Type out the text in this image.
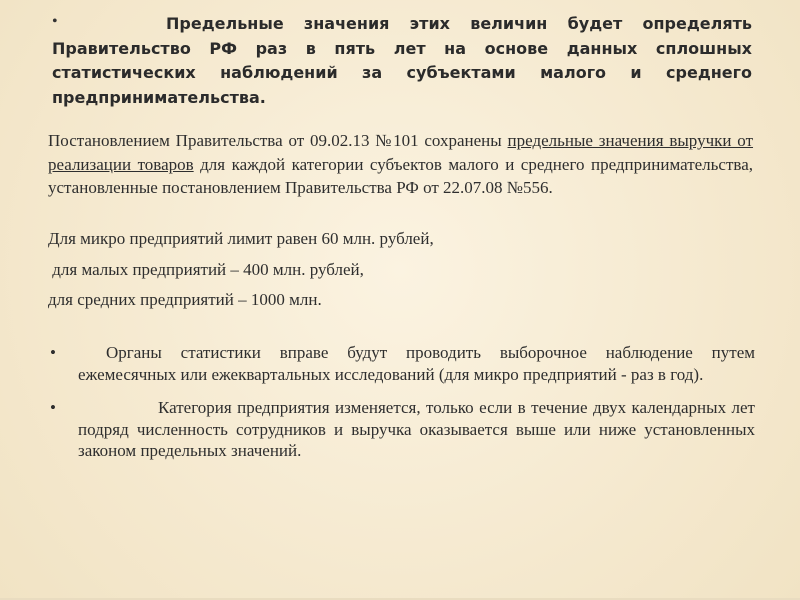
•	Предельные значения этих величин будет определять Правительство РФ раз в пять лет на основе данных сплошных статистических наблюдений за субъектами малого и среднего предпринимательства.

Постановлением Правительства от 09.02.13 №101 сохранены предельные значения выручки от реализации товаров для каждой категории субъектов малого и среднего предпринимательства, установленные постановлением Правительства РФ от 22.07.08 №556.

Для микро предприятий лимит равен 60 млн. рублей,

для малых предприятий – 400 млн. рублей,

для средних предприятий – 1000 млн.

•	Органы статистики вправе будут проводить выборочное наблюдение путем ежемесячных или ежеквартальных исследований (для микро предприятий - раз в год).
•	Категория предприятия изменяется, только если в течение двух календарных лет подряд численность сотрудников и выручка оказывается выше или ниже установленных законом предельных значений.
